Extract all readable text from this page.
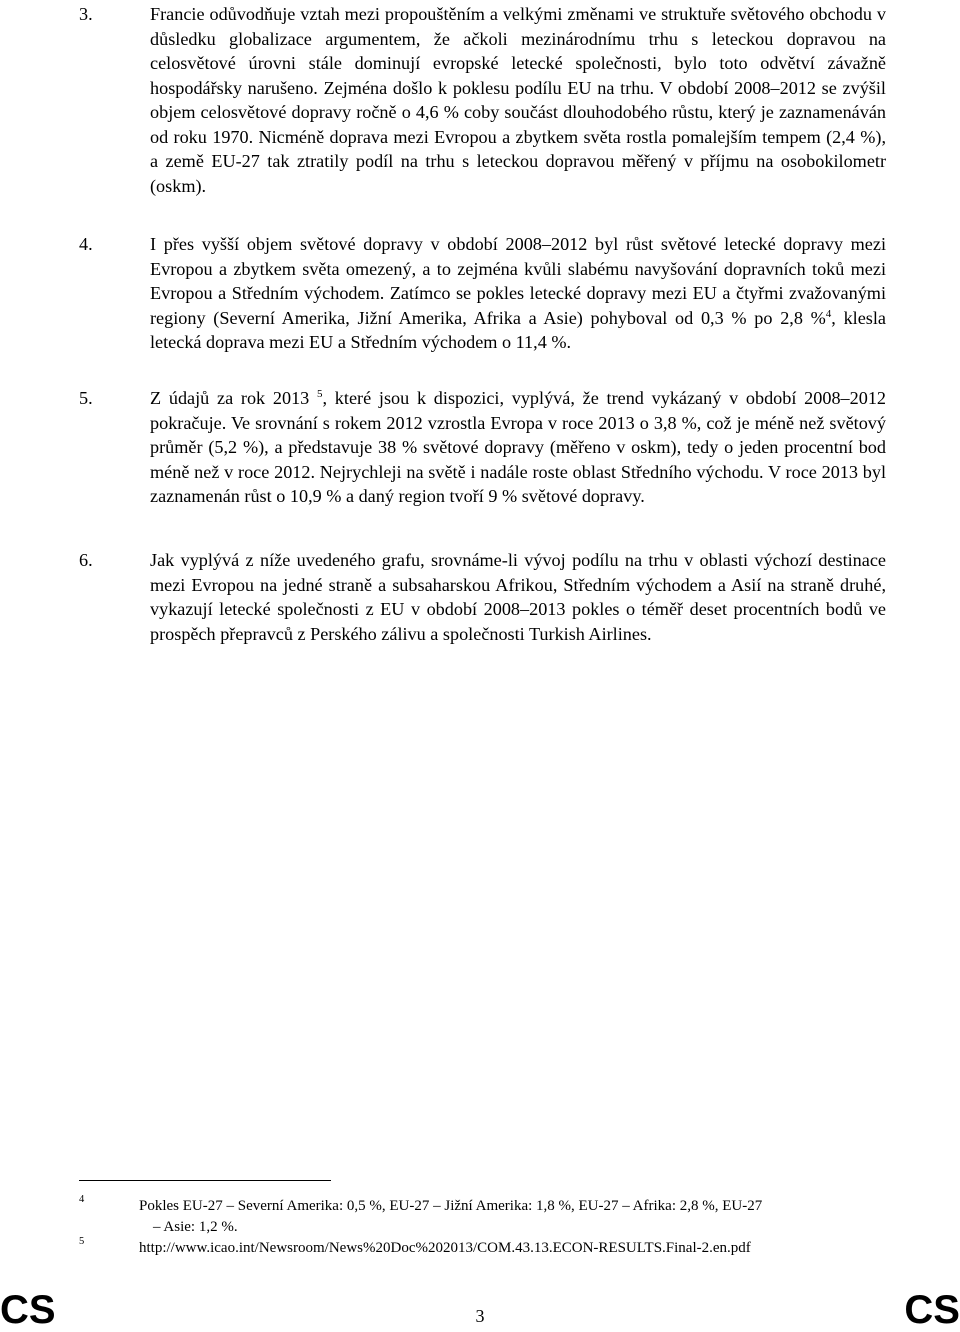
3.	Francie odůvodňuje vztah mezi propouštěním a velkými změnami ve struktuře světového obchodu v důsledku globalizace argumentem, že ačkoli mezinárodnímu trhu s leteckou dopravou na celosvětové úrovni stále dominují evropské letecké společnosti, bylo toto odvětví závažně hospodářsky narušeno. Zejména došlo k poklesu podílu EU na trhu. V období 2008–2012 se zvýšil objem celosvětové dopravy ročně o 4,6 % coby součást dlouhodobého růstu, který je zaznamenáván od roku 1970. Nicméně doprava mezi Evropou a zbytkem světa rostla pomalejším tempem (2,4 %), a země EU-27 tak ztratily podíl na trhu s leteckou dopravou měřený v příjmu na osobokilometr (oskm).
4.	I přes vyšší objem světové dopravy v období 2008–2012 byl růst světové letecké dopravy mezi Evropou a zbytkem světa omezený, a to zejména kvůli slabému navyšování dopravních toků mezi Evropou a Středním východem. Zatímco se pokles letecké dopravy mezi EU a čtyřmi zvažovanými regiony (Severní Amerika, Jižní Amerika, Afrika a Asie) pohyboval od 0,3 % po 2,8 %$^4$, klesla letecká doprava mezi EU a Středním východem o 11,4 %.
5.	Z údajů za rok 2013 $^5$, které jsou k dispozici, vyplývá, že trend vykázaný v období 2008–2012 pokračuje. Ve srovnání s rokem 2012 vzrostla Evropa v roce 2013 o 3,8 %, což je méně než světový průměr (5,2 %), a představuje 38 % světové dopravy (měřeno v oskm), tedy o jeden procentní bod méně než v roce 2012. Nejrychleji na světě i nadále roste oblast Středního východu. V roce 2013 byl zaznamenán růst o 10,9 % a daný region tvoří 9 % světové dopravy.
6.	Jak vyplývá z níže uvedeného grafu, srovnáme-li vývoj podílu na trhu v oblasti výchozí destinace mezi Evropou na jedné straně a subsaharskou Afrikou, Středním východem a Asií na straně druhé, vykazují letecké společnosti z EU v období 2008–2013 pokles o téměř deset procentních bodů ve prospěch přepravců z Perského zálivu a společnosti Turkish Airlines.
4	Pokles EU-27 – Severní Amerika: 0,5 %, EU-27 – Jižní Amerika: 1,8 %, EU-27 – Afrika: 2,8 %, EU-27
– Asie: 1,2 %.
5	http://www.icao.int/Newsroom/News%20Doc%202013/COM.43.13.ECON-RESULTS.Final-2.en.pdf
CS	3	CS
